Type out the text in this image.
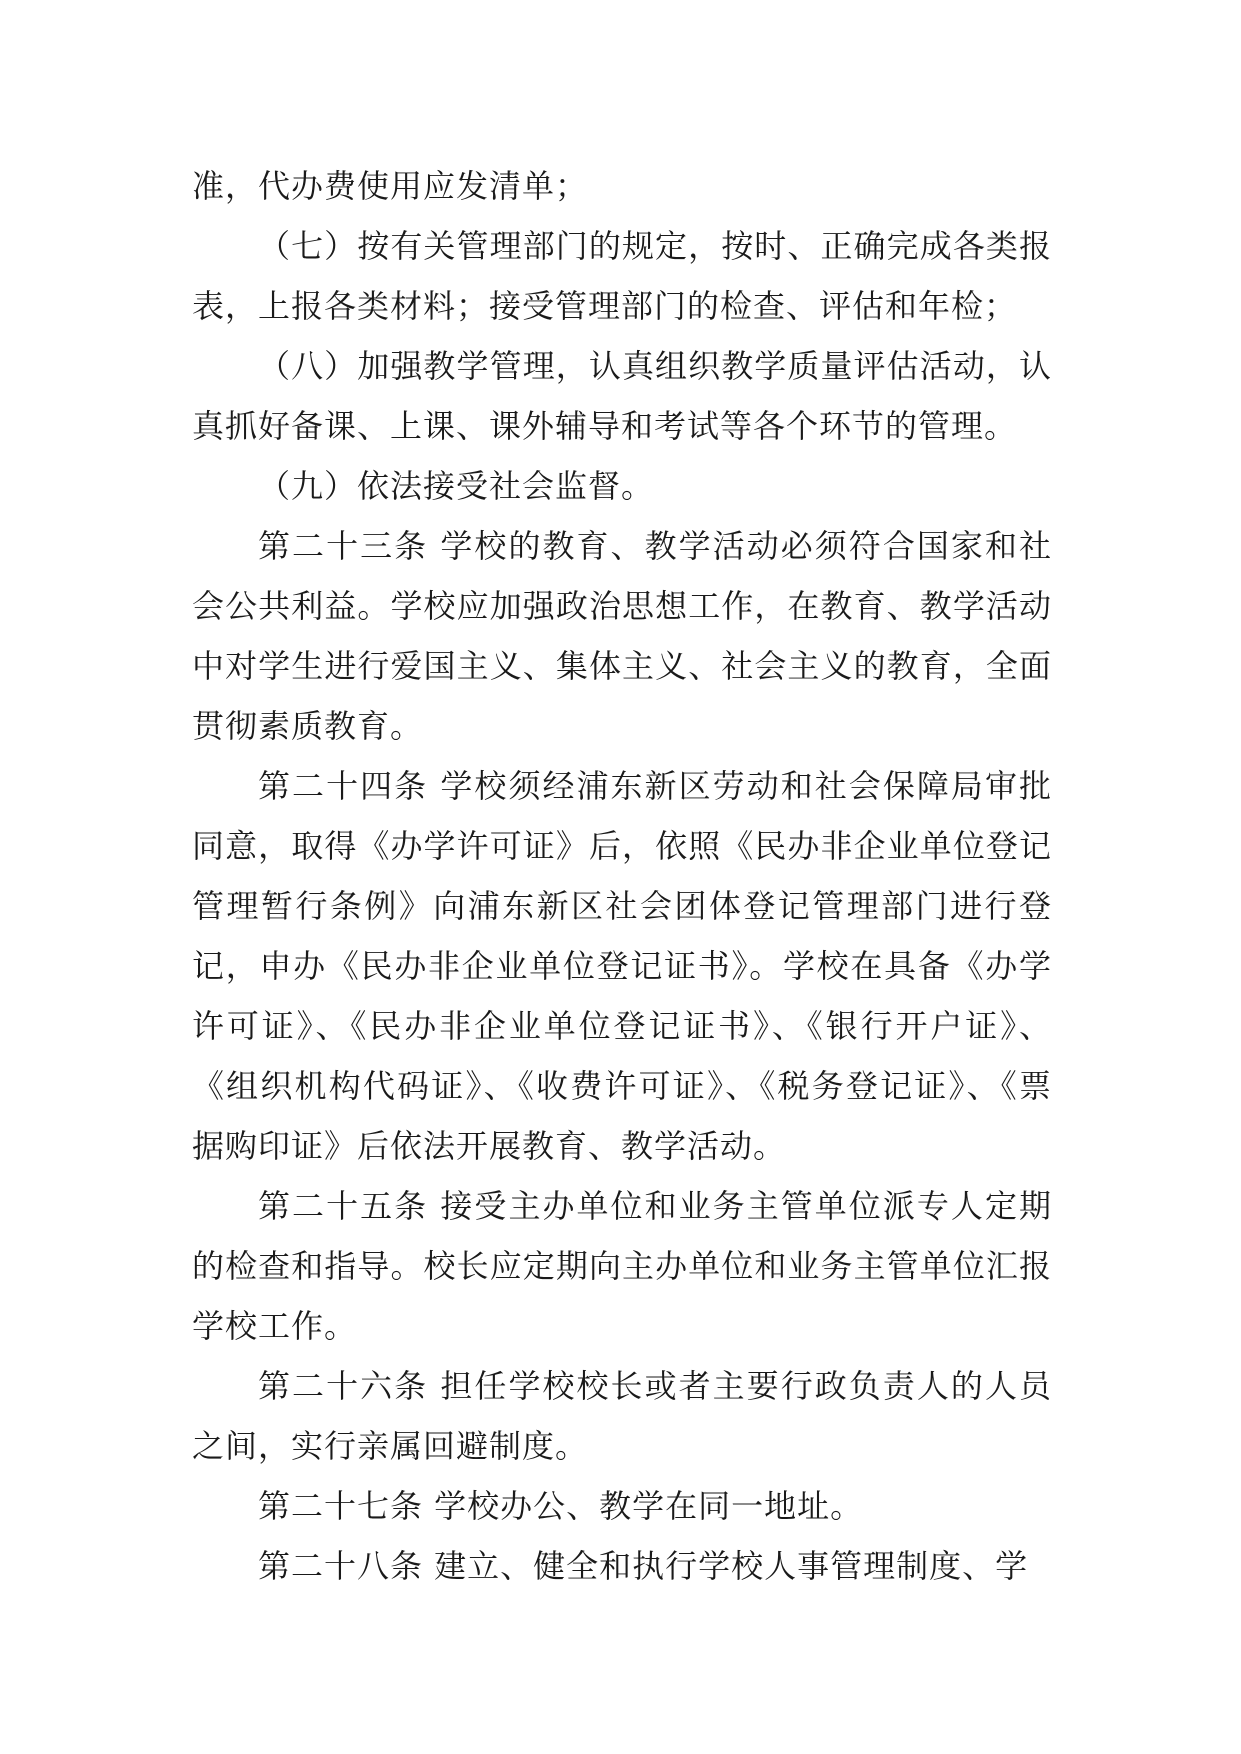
准，代办费使用应发清单；

（七）按有关管理部门的规定，按时、正确完成各类报表，上报各类材料；接受管理部门的检查、评估和年检；

（八）加强教学管理，认真组织教学质量评估活动，认真抓好备课、上课、课外辅导和考试等各个环节的管理。

（九）依法接受社会监督。

第二十三条 学校的教育、教学活动必须符合国家和社会公共利益。学校应加强政治思想工作，在教育、教学活动中对学生进行爱国主义、集体主义、社会主义的教育，全面贯彻素质教育。

第二十四条 学校须经浦东新区劳动和社会保障局审批同意，取得《办学许可证》后，依照《民办非企业单位登记管理暂行条例》向浦东新区社会团体登记管理部门进行登记，申办《民办非企业单位登记证书》。学校在具备《办学许可证》、《民办非企业单位登记证书》、《银行开户证》、《组织机构代码证》、《收费许可证》、《税务登记证》、《票据购印证》后依法开展教育、教学活动。

第二十五条 接受主办单位和业务主管单位派专人定期的检查和指导。校长应定期向主办单位和业务主管单位汇报学校工作。

第二十六条 担任学校校长或者主要行政负责人的人员之间，实行亲属回避制度。

第二十七条 学校办公、教学在同一地址。

第二十八条 建立、健全和执行学校人事管理制度、学
